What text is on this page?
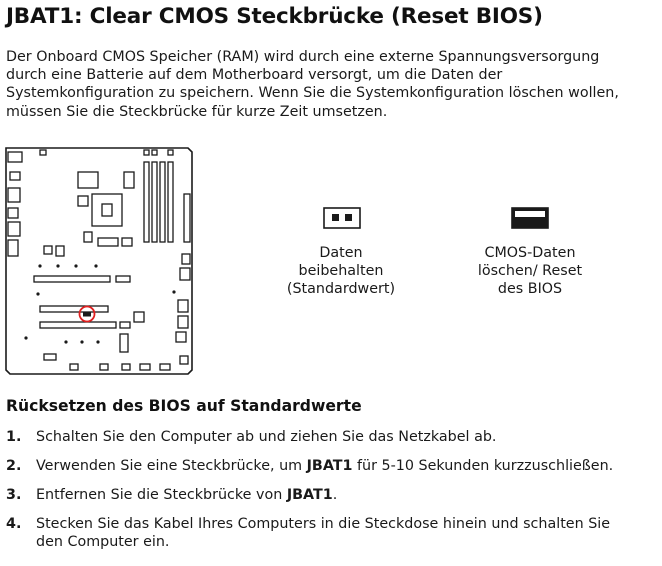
JBAT1: Clear CMOS Steckbrücke (Reset BIOS)
Der Onboard CMOS Speicher (RAM) wird durch eine externe Spannungsversorgung
durch eine Batterie auf dem Motherboard versorgt, um die Daten der
Systemkonfiguration zu speichern. Wenn Sie die Systemkonfiguration löschen wollen,
müssen Sie die Steckbrücke für kurze Zeit umsetzen.
Daten
beibehalten
(Standardwert)
CMOS-Daten
löschen/ Reset
des BIOS
Rücksetzen des BIOS auf Standardwerte
1. Schalten Sie den Computer ab und ziehen Sie das Netzkabel ab.
2. Verwenden Sie eine Steckbrücke, um JBAT1 für 5-10 Sekunden kurzzuschließen.
3. Entfernen Sie die Steckbrücke von JBAT1.
4. Stecken Sie das Kabel Ihres Computers in die Steckdose hinein und schalten Sie
den Computer ein.
